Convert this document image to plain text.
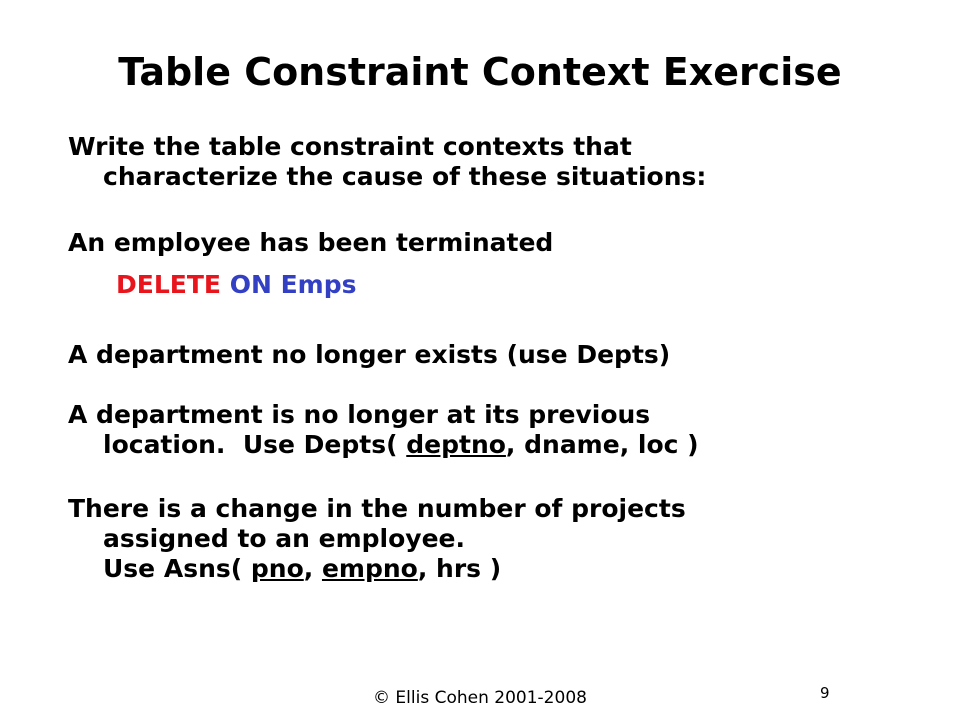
Table Constraint Context Exercise
Write the table constraint contexts that
characterize the cause of these situations:
An employee has been terminated
DELETE ON Emps
A department no longer exists (use Depts)
A department is no longer at its previous
location.  Use Depts( deptno, dname, loc )
There is a change in the number of projects
assigned to an employee.
Use Asns( pno, empno, hrs )
© Ellis Cohen 2001-2008	9
